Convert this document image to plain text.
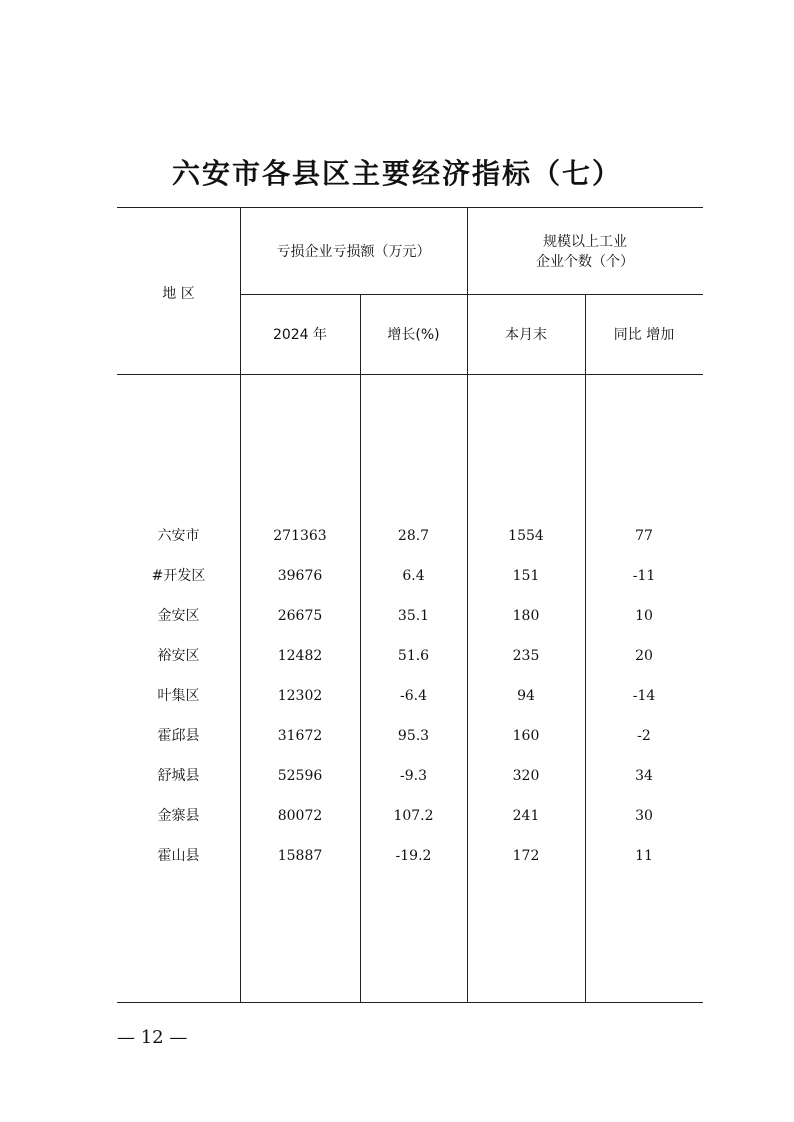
六安市各县区主要经济指标（七）
地 区
亏损企业亏损额（万元）
规模以上工业
企业个数（个）
2024 年	增长(%)	本月末	同比 增加
六安市	271363	28.7	1554	77
#开发区	39676	6.4	151	-11
金安区	26675	35.1	180	10
裕安区	12482	51.6	235	20
叶集区	12302	-6.4	94	-14
霍邱县	31672	95.3	160	-2
舒城县	52596	-9.3	320	34
金寨县	80072	107.2	241	30
霍山县	15887	-19.2	172	11
— 12 —
